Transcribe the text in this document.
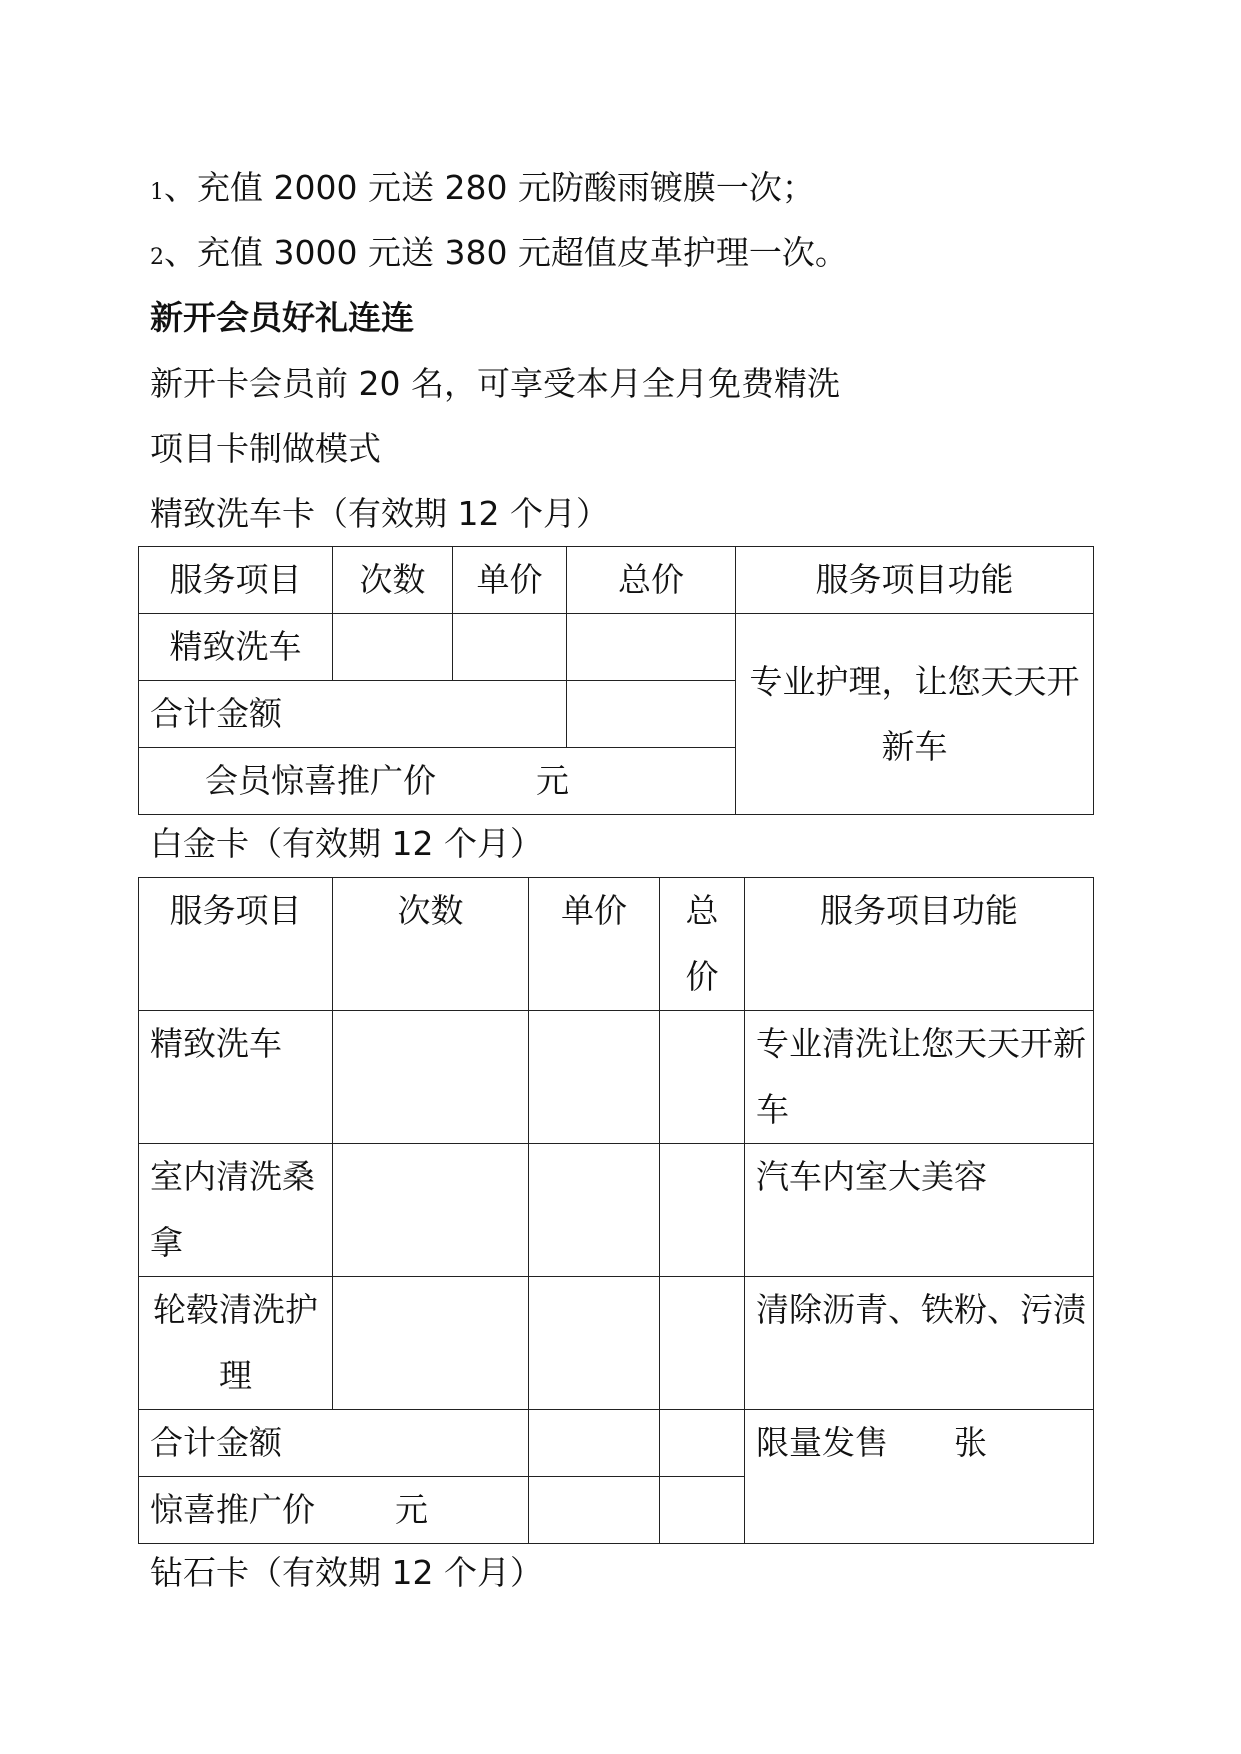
1、充值 2000 元送 280 元防酸雨镀膜一次；
2、充值 3000 元送 380 元超值皮革护理一次。
新开会员好礼连连
新开卡会员前 20 名，可享受本月全月免费精洗
项目卡制做模式
精致洗车卡（有效期 12 个月）
服务项目	次数	单价	总价	服务项目功能
精致洗车				专业护理，让您天天开新车
合计金额				
会员惊喜推广价 元				
白金卡（有效期 12 个月）
服务项目	次数	单价	总价	服务项目功能
精致洗车				专业清洗让您天天开新车
室内清洗桑拿				汽车内室大美容
轮毂清洗护理				清除沥青、铁粉、污渍
合计金额				限量发售 张
惊喜推广价 元				
钻石卡（有效期 12 个月）
